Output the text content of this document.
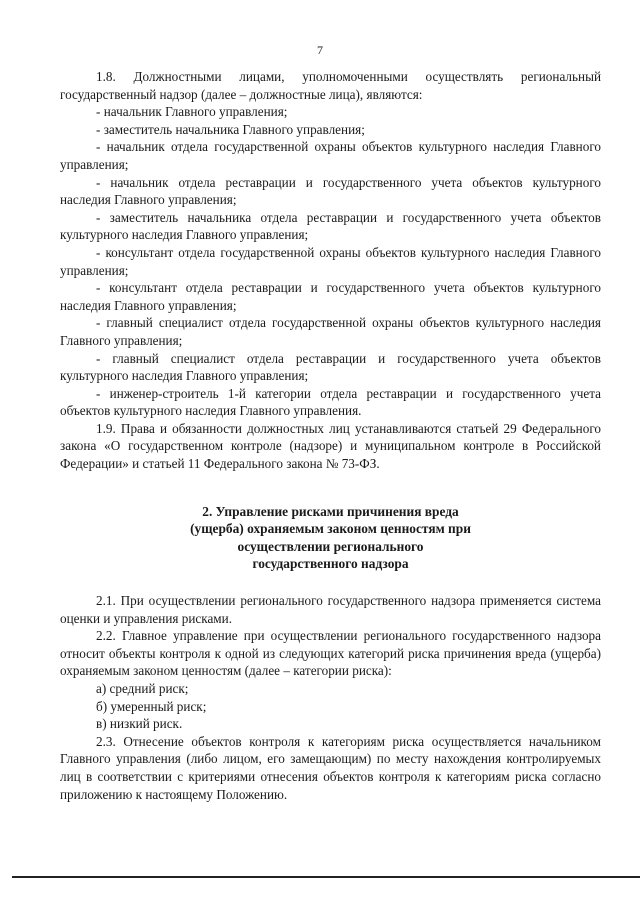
7

1.8. Должностными лицами, уполномоченными осуществлять региональный государственный надзор (далее – должностные лица), являются:

- начальник Главного управления;

- заместитель начальника Главного управления;

- начальник отдела государственной охраны объектов культурного наследия Главного управления;

- начальник отдела реставрации и государственного учета объектов культурного наследия Главного управления;

- заместитель начальника отдела реставрации и государственного учета объектов культурного наследия Главного управления;

- консультант отдела государственной охраны объектов культурного наследия Главного управления;

- консультант отдела реставрации и государственного учета объектов культурного наследия Главного управления;

- главный специалист отдела государственной охраны объектов культурного наследия Главного управления;

- главный специалист отдела реставрации и государственного учета объектов культурного наследия Главного управления;

- инженер-строитель 1-й категории отдела реставрации и государственного учета объектов культурного наследия Главного управления.

1.9. Права и обязанности должностных лиц устанавливаются статьей 29 Федерального закона «О государственном контроле (надзоре) и муниципальном контроле в Российской Федерации» и статьей 11 Федерального закона № 73-ФЗ.

2. Управление рисками причинения вреда
(ущерба) охраняемым законом ценностям при
осуществлении регионального
государственного надзора

2.1. При осуществлении регионального государственного надзора применяется система оценки и управления рисками.

2.2. Главное управление при осуществлении регионального государственного надзора относит объекты контроля к одной из следующих категорий риска причинения вреда (ущерба) охраняемым законом ценностям (далее – категории риска):

а) средний риск;

б) умеренный риск;

в) низкий риск.

2.3. Отнесение объектов контроля к категориям риска осуществляется начальником Главного управления (либо лицом, его замещающим) по месту нахождения контролируемых лиц в соответствии с критериями отнесения объектов контроля к категориям риска согласно приложению к настоящему Положению.
